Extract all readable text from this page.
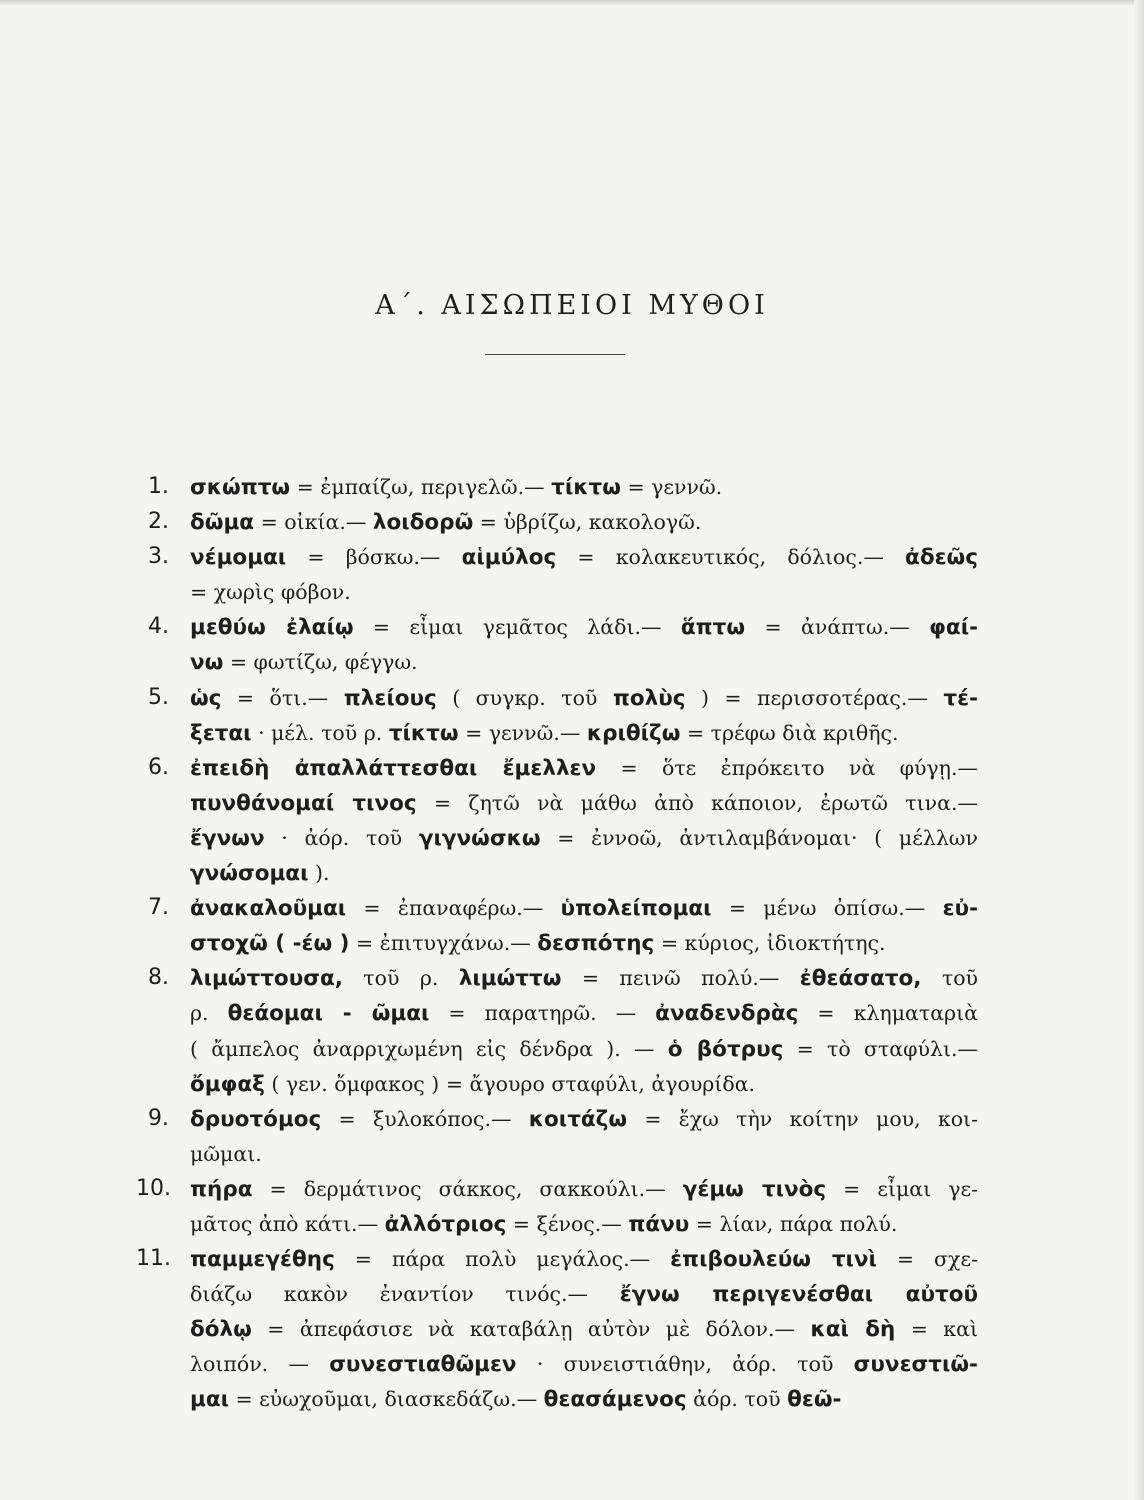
Α΄. ΑΙΣΩΠΕΙΟΙ ΜΥΘΟΙ
1. σκώπτω = ἐμπαίζω, περιγελῶ.— τίκτω = γεννῶ.
2. δῶμα = οἰκία.— λοιδορῶ = ὑβρίζω, κακολογῶ.
3. νέμομαι = βόσκω.— αἱμύλος = κολακευτικός, δόλιος.— ἀδεῶς
= χωρὶς φόβον.
4. μεθύω ἐλαίῳ = εἶμαι γεμᾶτος λάδι.— ἅπτω = ἀνάπτω.— φαί-
νω = φωτίζω, φέγγω.
5. ὡς = ὅτι.— πλείους ( συγκρ. τοῦ πολὺς ) = περισσοτέρας.— τέ-
ξεται · μέλ. τοῦ ρ. τίκτω = γεννῶ.— κριθίζω = τρέφω διὰ κριθῆς.
6. ἐπειδὴ ἀπαλλάττεσθαι ἔμελλεν = ὅτε ἐπρόκειτο νὰ φύγῃ.—
πυνθάνομαί τινος = ζητῶ νὰ μάθω ἀπὸ κάποιον, ἐρωτῶ τινα.—
ἔγνων · ἀόρ. τοῦ γιγνώσκω = ἐννοῶ, ἀντιλαμβάνομαι· ( μέλλων
γνώσομαι ).
7. ἀνακαλοῦμαι = ἐπαναφέρω.— ὑπολείπομαι = μένω ὀπίσω.— εὐ-
στοχῶ ( -έω ) = ἐπιτυγχάνω.— δεσπότης = κύριος, ἰδιοκτήτης.
8. λιμώττουσα, τοῦ ρ. λιμώττω = πεινῶ πολύ.— ἐθεάσατο, τοῦ
ρ. θεάομαι - ῶμαι = παρατηρῶ. — ἀναδενδρὰς = κληματαριὰ
( ἄμπελος ἀναρριχωμένη εἰς δένδρα ). — ὁ βότρυς = τὸ σταφύλι.—
ὄμφαξ ( γεν. ὄμφακος ) = ἄγουρο σταφύλι, ἀγουρίδα.
9. δρυοτόμος = ξυλοκόπος.— κοιτάζω = ἔχω τὴν κοίτην μου, κοι-
μῶμαι.
10. πήρα = δερμάτινος σάκκος, σακκούλι.— γέμω τινὸς = εἶμαι γε-
μᾶτος ἀπὸ κάτι.— ἀλλότριος = ξένος.— πάνυ = λίαν, πάρα πολύ.
11. παμμεγέθης = πάρα πολὺ μεγάλος.— ἐπιβουλεύω τινὶ = σχε-
διάζω κακὸν ἐναντίον τινός.— ἔγνω περιγενέσθαι αὐτοῦ
δόλῳ = ἀπεφάσισε νὰ καταβάλῃ αὐτὸν μὲ δόλον.— καὶ δὴ = καὶ
λοιπόν. — συνεστιαθῶμεν · συνειστιάθην, ἀόρ. τοῦ συνεστιῶ-
μαι = εὐωχοῦμαι, διασκεδάζω.— θεασάμενος ἀόρ. τοῦ θεῶ-
